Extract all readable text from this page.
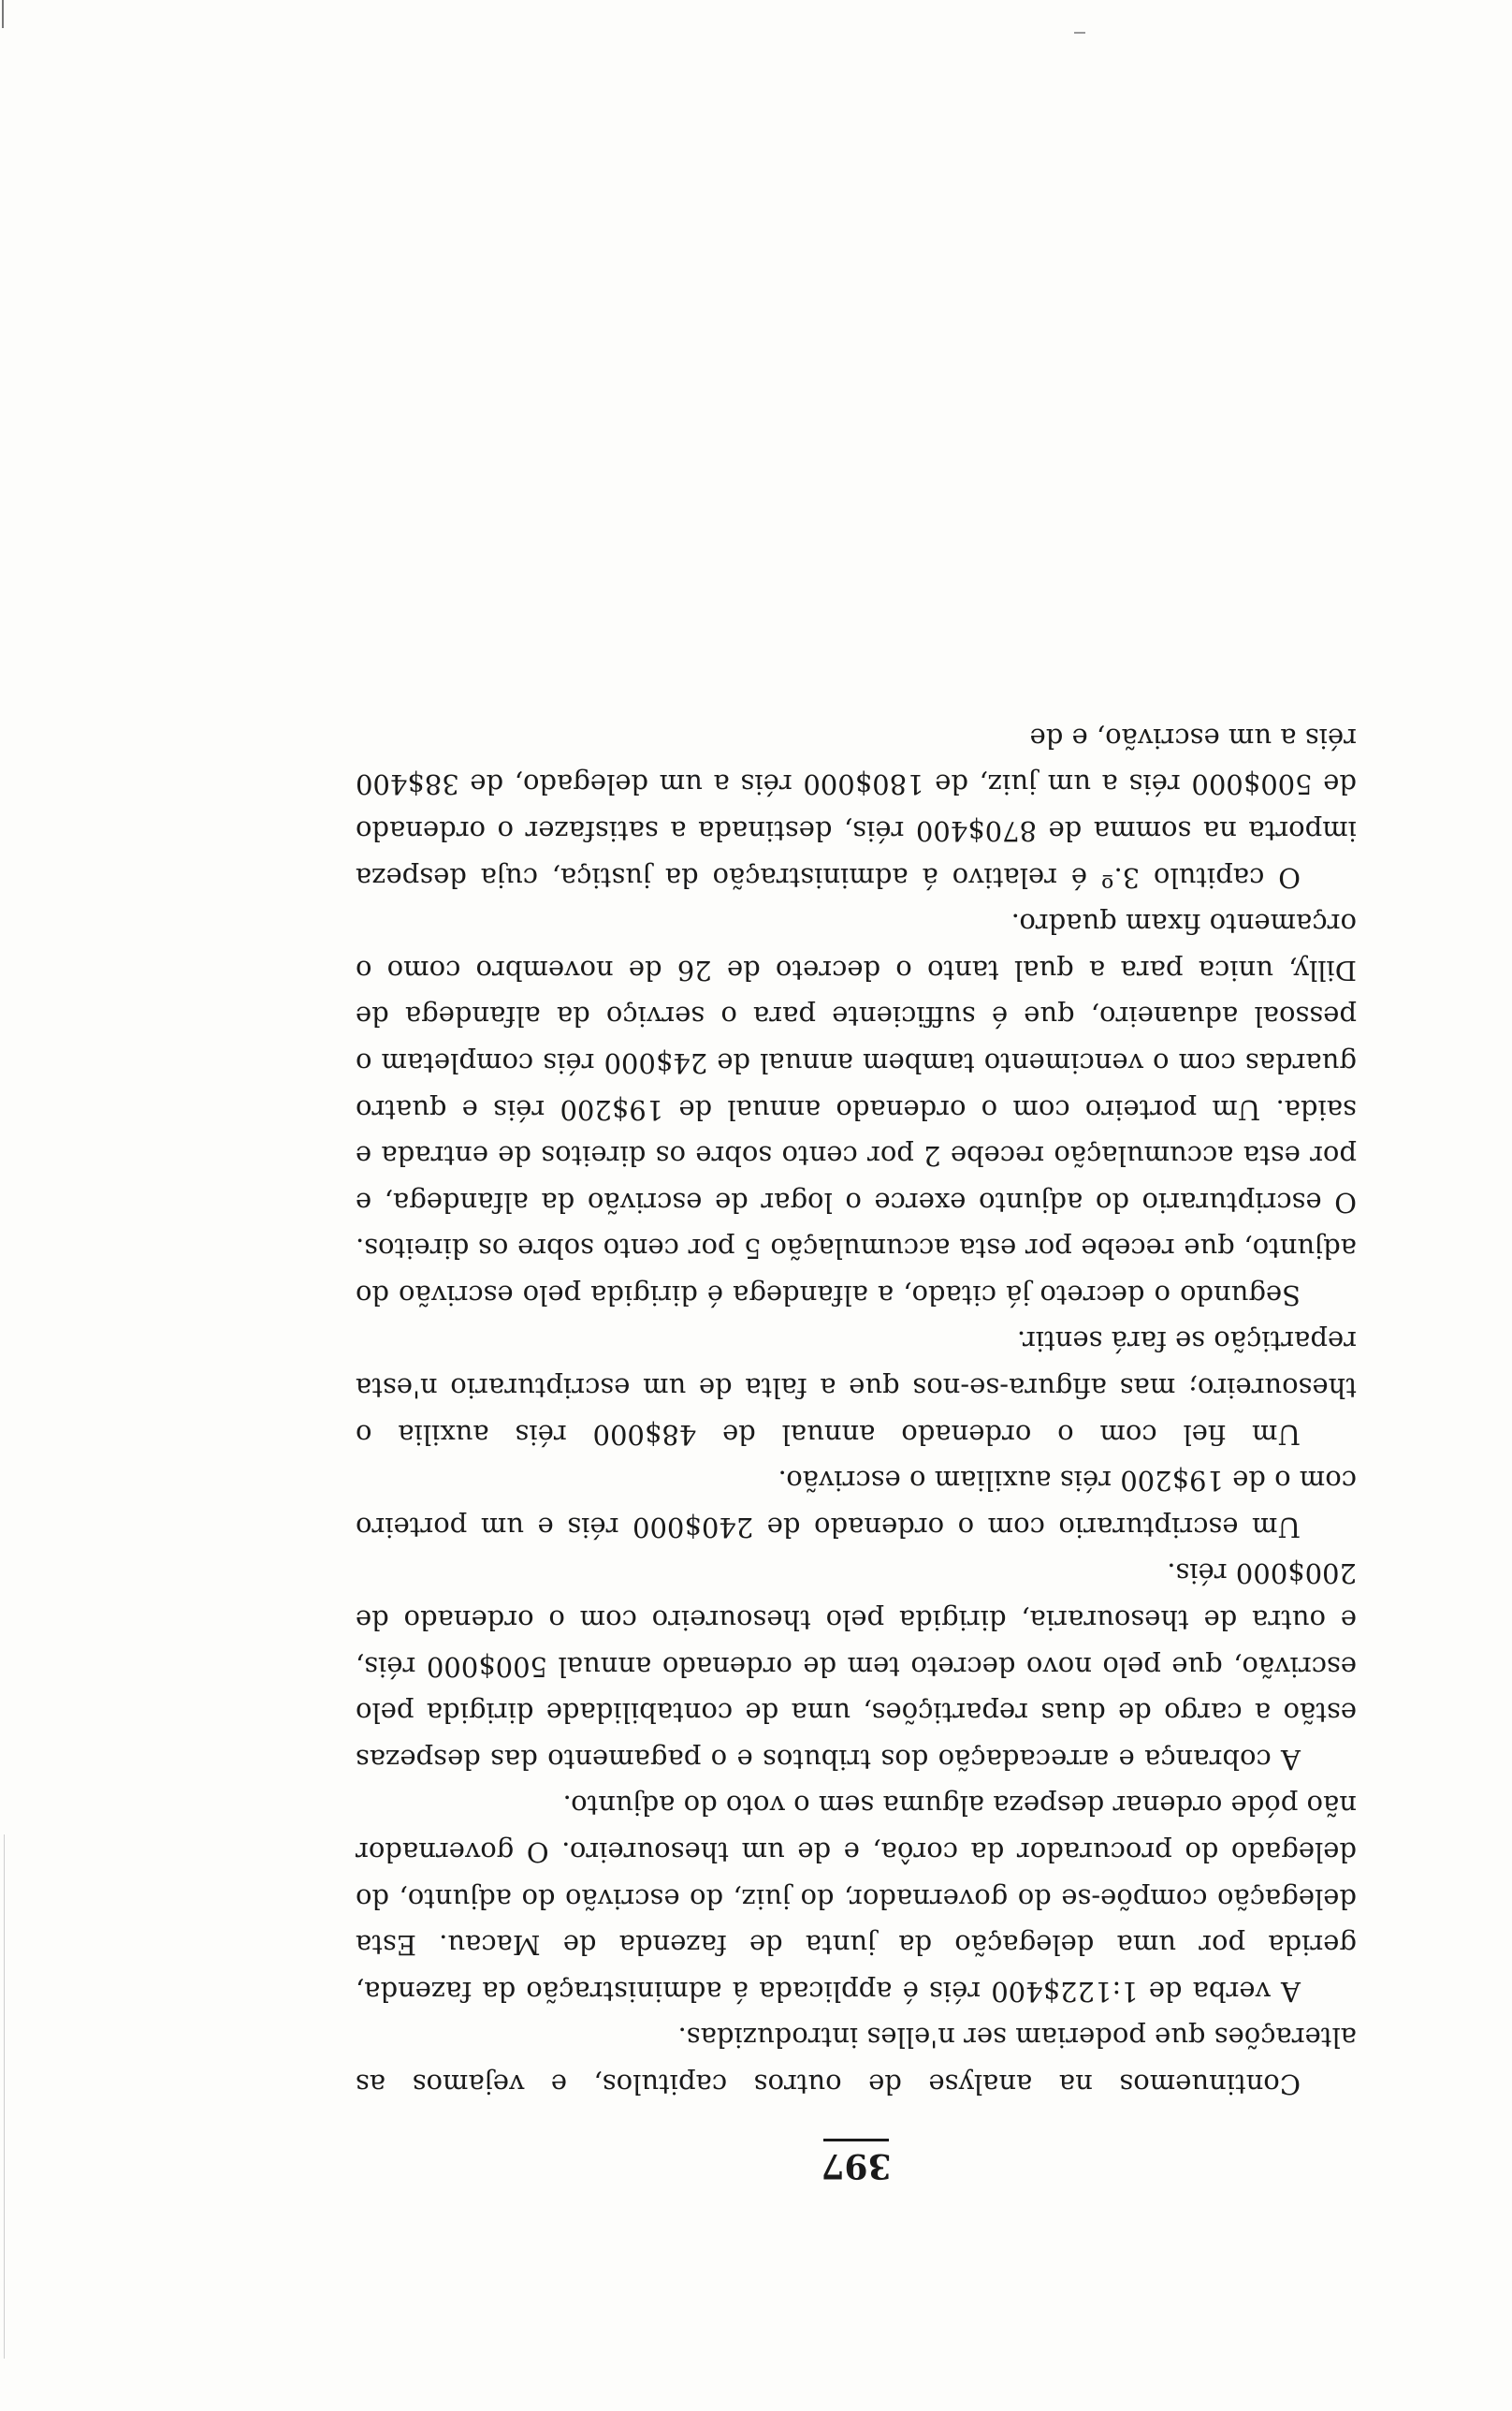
397

Continuemos na analyse de outros capitulos, e vejamos as alterações que poderiam ser n'elles introduzidas.

A verba de 1:122$400 réis é applicada á administração da fazenda, gerida por uma delegação da junta de fazenda de Macau. Esta delegação compõe-se do governador, do juiz, do escrivão do adjunto, do delegado do procurador da corôa, e de um thesoureiro. O governador não póde ordenar despeza alguma sem o voto do adjunto.

A cobrança e arrecadação dos tributos e o pagamento das despezas estão a cargo de duas repartições, uma de contabilidade dirigida pelo escrivão, que pelo novo decreto tem de ordenado annual 500$000 réis, e outra de thesouraria, dirigida pelo thesoureiro com o ordenado de 200$000 réis.

Um escripturario com o ordenado de 240$000 réis e um porteiro com o de 19$200 réis auxiliam o escrivão.

Um fiel com o ordenado annual de 48$000 réis auxilia o thesoureiro; mas afigura-se-nos que a falta de um escripturario n'esta repartição se fará sentir.

Segundo o decreto já citado, a alfandega é dirigida pelo escrivão do adjunto, que recebe por esta accumulação 5 por cento sobre os direitos. O escripturario do adjunto exerce o logar de escrivão da alfandega, e por esta accumulação recebe 2 por cento sobre os direitos de entrada e saida. Um porteiro com o ordenado annual de 19$200 réis e quatro guardas com o vencimento tambem annual de 24$000 réis completam o pessoal aduaneiro, que é sufficiente para o serviço da alfandega de Dilly, unica para a qual tanto o decreto de 26 de novembro como o orçamento fixam quadro.

O capitulo 3.º é relativo á administração da justiça, cuja despeza importa na somma de 870$400 réis, destinada a satisfazer o ordenado de 500$000 réis a um juiz, de 180$000 réis a um delegado, de 38$400 réis a um escrivão, e de
